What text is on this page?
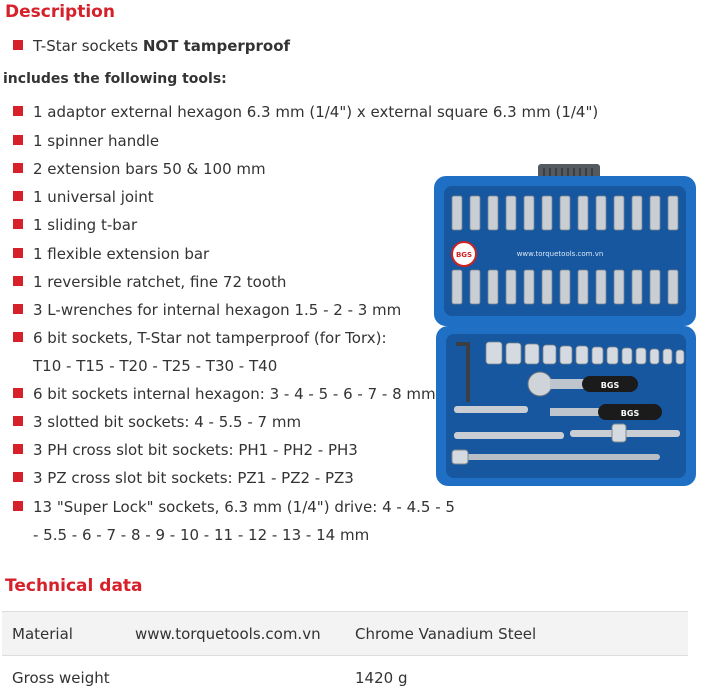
Description
T-Star sockets NOT tamperproof
includes the following tools:
1 adaptor external hexagon 6.3 mm (1/4") x external square 6.3 mm (1/4")
1 spinner handle
2 extension bars 50 & 100 mm
1 universal joint
1 sliding t-bar
1 flexible extension bar
1 reversible ratchet, fine 72 tooth
3 L-wrenches for internal hexagon 1.5 - 2 - 3 mm
6 bit sockets, T-Star not tamperproof (for Torx):
T10 - T15 - T20 - T25 - T30 - T40
6 bit sockets internal hexagon: 3 - 4 - 5 - 6 - 7 - 8 mm
3 slotted bit sockets: 4 - 5.5 - 7 mm
3 PH cross slot bit sockets: PH1 - PH2 - PH3
3 PZ cross slot bit sockets: PZ1 - PZ2 - PZ3
13 "Super Lock" sockets, 6.3 mm (1/4") drive: 4 - 4.5 - 5
- 5.5 - 6 - 7 - 8 - 9 - 10 - 11 - 12 - 13 - 14 mm
BGS	www.torquetools.com.vn
BGS
BGS
Technical data
Material	www.torquetools.com.vn	Chrome Vanadium Steel
Gross weight		1420 g
